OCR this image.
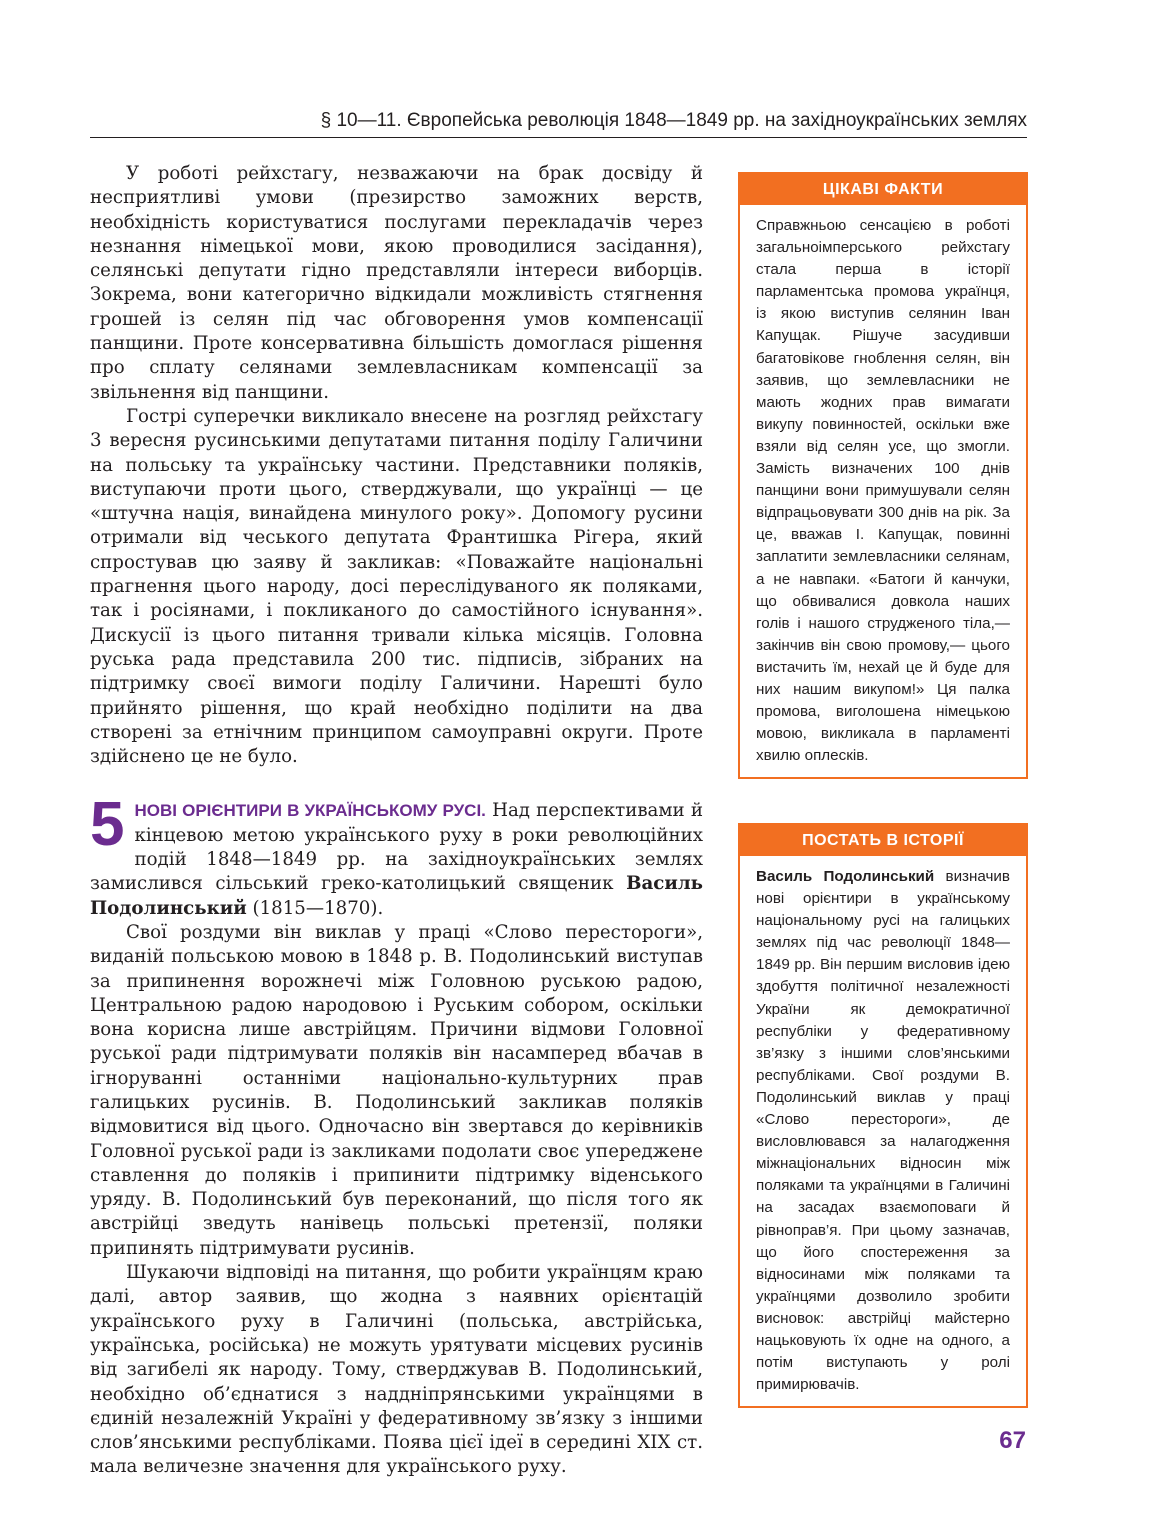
§ 10—11. Європейська революція 1848—1849 рр. на західноукраїнських землях

У роботі рейхстагу, незважаючи на брак досвіду й несприятливі умови (презирство заможних верств, необхідність користуватися послугами перекладачів через незнання німецької мови, якою проводилися засідання), селянські депутати гідно представляли інтереси виборців. Зокрема, вони категорично відкидали можливість стягнення грошей із селян під час обговорення умов компенсації панщини. Проте консервативна більшість домоглася рішення про сплату селянами землевласникам компенсації за звільнення від панщини.

Гострі суперечки викликало внесене на розгляд рейхстагу 3 вересня русинськими депутатами питання поділу Галичини на польську та українську частини. Представники поляків, виступаючи проти цього, стверджували, що українці — це «штучна нація, винайдена минулого року». Допомогу русини отримали від чеського депутата Франтишка Рігера, який спростував цю заяву й закликав: «Поважайте національні прагнення цього народу, досі переслідуваного як поляками, так і росіянами, і покликаного до самостійного існування». Дискусії із цього питання тривали кілька місяців. Головна руська рада представила 200 тис. підписів, зібраних на підтримку своєї вимоги поділу Галичини. Нарешті було прийнято рішення, що край необхідно поділити на два створені за етнічним принципом самоуправні округи. Проте здійснено це не було.

5 НОВІ ОРІЄНТИРИ В УКРАЇНСЬКОМУ РУСІ. Над перспективами й кінцевою метою українського руху в роки революційних подій 1848—1849 рр. на західноукраїнських землях замислився сільський греко-католицький священик Василь Подолинський (1815—1870).

Свої роздуми він виклав у праці «Слово перестороги», виданій польською мовою в 1848 р. В. Подолинський виступав за припинення ворожнечі між Головною руською радою, Центральною радою народовою і Руським собором, оскільки вона корисна лише австрійцям. Причини відмови Головної руської ради підтримувати поляків він насамперед вбачав в ігноруванні останніми національно-культурних прав галицьких русинів. В. Подолинський закликав поляків відмовитися від цього. Одночасно він звертався до керівників Головної руської ради із закликами подолати своє упереджене ставлення до поляків і припинити підтримку віденського уряду. В. Подолинський був переконаний, що після того як австрійці зведуть нанівець польські претензії, поляки припинять підтримувати русинів.

Шукаючи відповіді на питання, що робити українцям краю далі, автор заявив, що жодна з наявних орієнтацій українського руху в Галичині (польська, австрійська, українська, російська) не можуть урятувати місцевих русинів від загибелі як народу. Тому, стверджував В. Подолинський, необхідно об’єднатися з наддніпрянськими українцями в єдиній незалежній Україні у федеративному зв’язку з іншими слов’янськими республіками. Поява цієї ідеї в середині XIX ст. мала величезне значення для українського руху.

ЦІКАВІ ФАКТИ
Справжньою сенсацією в роботі загальноімперського рейхстагу стала перша в історії парламентська промова українця, із якою виступив селянин Іван Капущак. Рішуче засудивши багатовікове гноблення селян, він заявив, що землевласники не мають жодних прав вимагати викупу повинностей, оскільки вже взяли від селян усе, що змогли. Замість визначених 100 днів панщини вони примушували селян відпрацьовувати 300 днів на рік. За це, вважав І. Капущак, повинні заплатити землевласники селянам, а не навпаки. «Батоги й канчуки, що обвивалися довкола наших голів і нашого струдженого тіла,— закінчив він свою промову,— цього вистачить їм, нехай це й буде для них нашим викупом!» Ця палка промова, виголошена німецькою мовою, викликала в парламенті хвилю оплесків.
ПОСТАТЬ В ІСТОРІЇ
Василь Подолинський визначив нові орієнтири в українському національному русі на галицьких землях під час революції 1848—1849 рр. Він першим висловив ідею здобуття політичної незалежності України як демократичної республіки у федеративному зв’язку з іншими слов’янськими республіками. Свої роздуми В. Подолинський виклав у праці «Слово перестороги», де висловлювався за налагодження міжнаціональних відносин між поляками та українцями в Галичині на засадах взаємоповаги й рівноправ’я. При цьому зазначав, що його спостереження за відносинами між поляками та українцями дозволило зробити висновок: австрійці майстерно нацьковують їх одне на одного, а потім виступають у ролі примирювачів.
67
